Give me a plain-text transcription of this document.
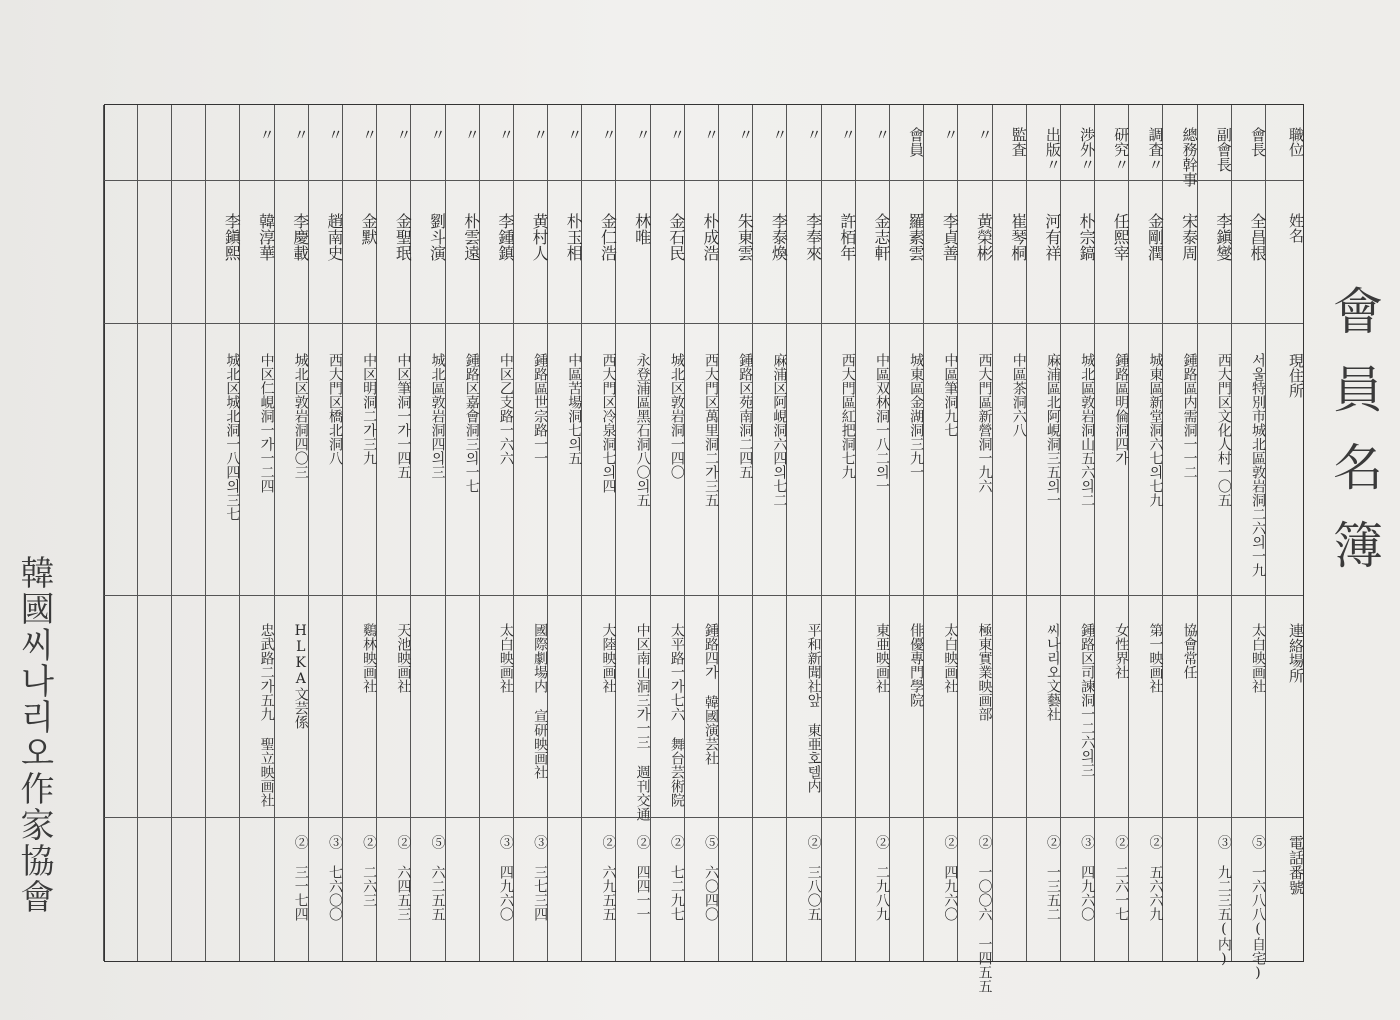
會員名簿
韓國씨나리오作家協會
職位
姓名
現住所
連絡場所
電話番號
會長
全昌根
서울特別市城北區敦岩洞二六의一九
太白映画社
⑤ 一六八八(自宅)
副會長
李鎭燮
西大門区文化人村一〇五
③ 九二三五(内)
總務幹事
宋泰周
鍾路區内需洞一一二
協會常任
調査〃
金剛潤
城東區新堂洞六七의七九
第一映画社
② 五六六九
研究〃
任熙宰
鍾路區明倫洞四가
女性界社
② 二六一七
渉外〃
朴宗鎬
城北區敦岩洞山五六의二
鍾路区司諫洞一二六의三
③ 四九六〇
出版〃
河有祥
麻浦區北阿峴洞三五의一
씨나리오文藝社
② 一三五二
監査
崔琴桐
中區茶洞六八
〃
黄榮彬
西大門區新營洞一九六
極東實業映画部
② 一〇〇六 一四五五
〃
李貞善
中區筆洞九七
太白映画社
② 四九六〇
會員
羅素雲
城東區金湖洞三九一
俳優專門學院
〃
金志軒
中區双林洞一八二의一
東亜映画社
② 二九八九
〃
許栢年
西大門區紅把洞七九
〃
李奉來
平和新聞社앞 東亜호텔内
② 三八〇五
〃
李泰煥
麻浦区阿峴洞六四의七二
〃
朱東雲
鍾路区苑南洞二四五
〃
朴成浩
西大門区萬里洞二가三五
鍾路四가 韓國演芸社
⑤ 六〇四〇
〃
金石民
城北区敦岩洞一四〇
太平路一가七六 舞台芸術院
② 七二九七
〃
林唯
永登浦區黑石洞八〇의五
中区南山洞三가一三 週刊交通
② 四四一一
〃
金仁浩
西大門区冷泉洞七의四
大陸映画社
② 六九五五
〃
朴玉相
中區苦場洞七의五
〃
黄村人
鍾路區世宗路一一
國際劇場内 宣研映画社
③ 三七三四
〃
李鍾鎮
中区乙支路一六六
太白映画社
③ 四九六〇
〃
朴雲遠
鍾路区嘉會洞三의一七
〃
劉斗演
城北區敦岩洞四의三
⑤ 六二五五
〃
金聖珉
中区筆洞一가一四五
天池映画社
② 六四五三
〃
金默
中区明洞二가三九
鷄林映画社
② 二六三
〃
趙南史
西大門区橋北洞八
③ 七六〇〇
〃
李慶載
城北区敦岩洞四〇三
HLKA文芸係
② 三一七四
〃
韓淳華
中区仁峴洞一가一二四
忠武路二가五九 聖立映画社
李鎭熙
城北区城北洞一八四의三七
